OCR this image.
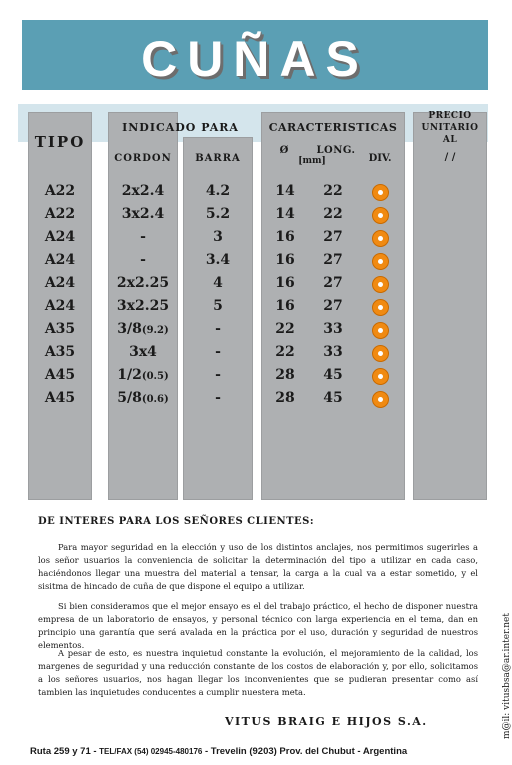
CUÑAS
TIPO
INDICADO PARA	CARACTERISTICAS
PRECIO UNITARIO AL
/ /
CORDON	BARRA
Ø	LONG.
[mm]	DIV.
A22	2x2.4	4.2	14	22
A22	3x2.4	5.2	14	22
A24	-	3	16	27
A24	-	3.4	16	27
A24	2x2.25	4	16	27
A24	3x2.25	5	16	27
A35	3/8(9.2)	-	22	33
A35	3x4	-	22	33
A45	1/2(0.5)	-	28	45
A45	5/8(0.6)	-	28	45
DE INTERES PARA LOS SEÑORES CLIENTES:

Para mayor seguridad en la elección y uso de los distintos anclajes, nos permitimos sugerirles a los señor usuarios la conveniencia de solicitar la determinación del tipo a utilizar en cada caso, haciéndonos llegar una muestra del material a tensar, la carga a la cual va a estar sometido, y el sisitma de hincado de cuña de que dispone el equipo a utilizar.

Si bien consideramos que el mejor ensayo es el del trabajo práctico, el hecho de disponer nuestra empresa de un laboratorio de ensayos, y personal técnico con larga experiencia en el tema, dan en principio una garantía que será avalada en la práctica por el uso, duración y seguridad de nuestros elementos.

A pesar de esto, es nuestra inquietud constante la evolución, el mejoramiento de la calidad, los margenes de seguridad y una reducción constante de los costos de elaboración y, por ello, solicitamos a los señores usuarios, nos hagan llegar los inconvenientes que se pudieran presentar como así tambien las inquietudes conducentes a cumplir nuestera meta.

VITUS BRAIG E HIJOS S.A.
Ruta 259 y 71 - TEL/FAX (54) 02945-480176 - Trevelin (9203) Prov. del Chubut - Argentina
m@il: vitusbsa@ar.inter.net
